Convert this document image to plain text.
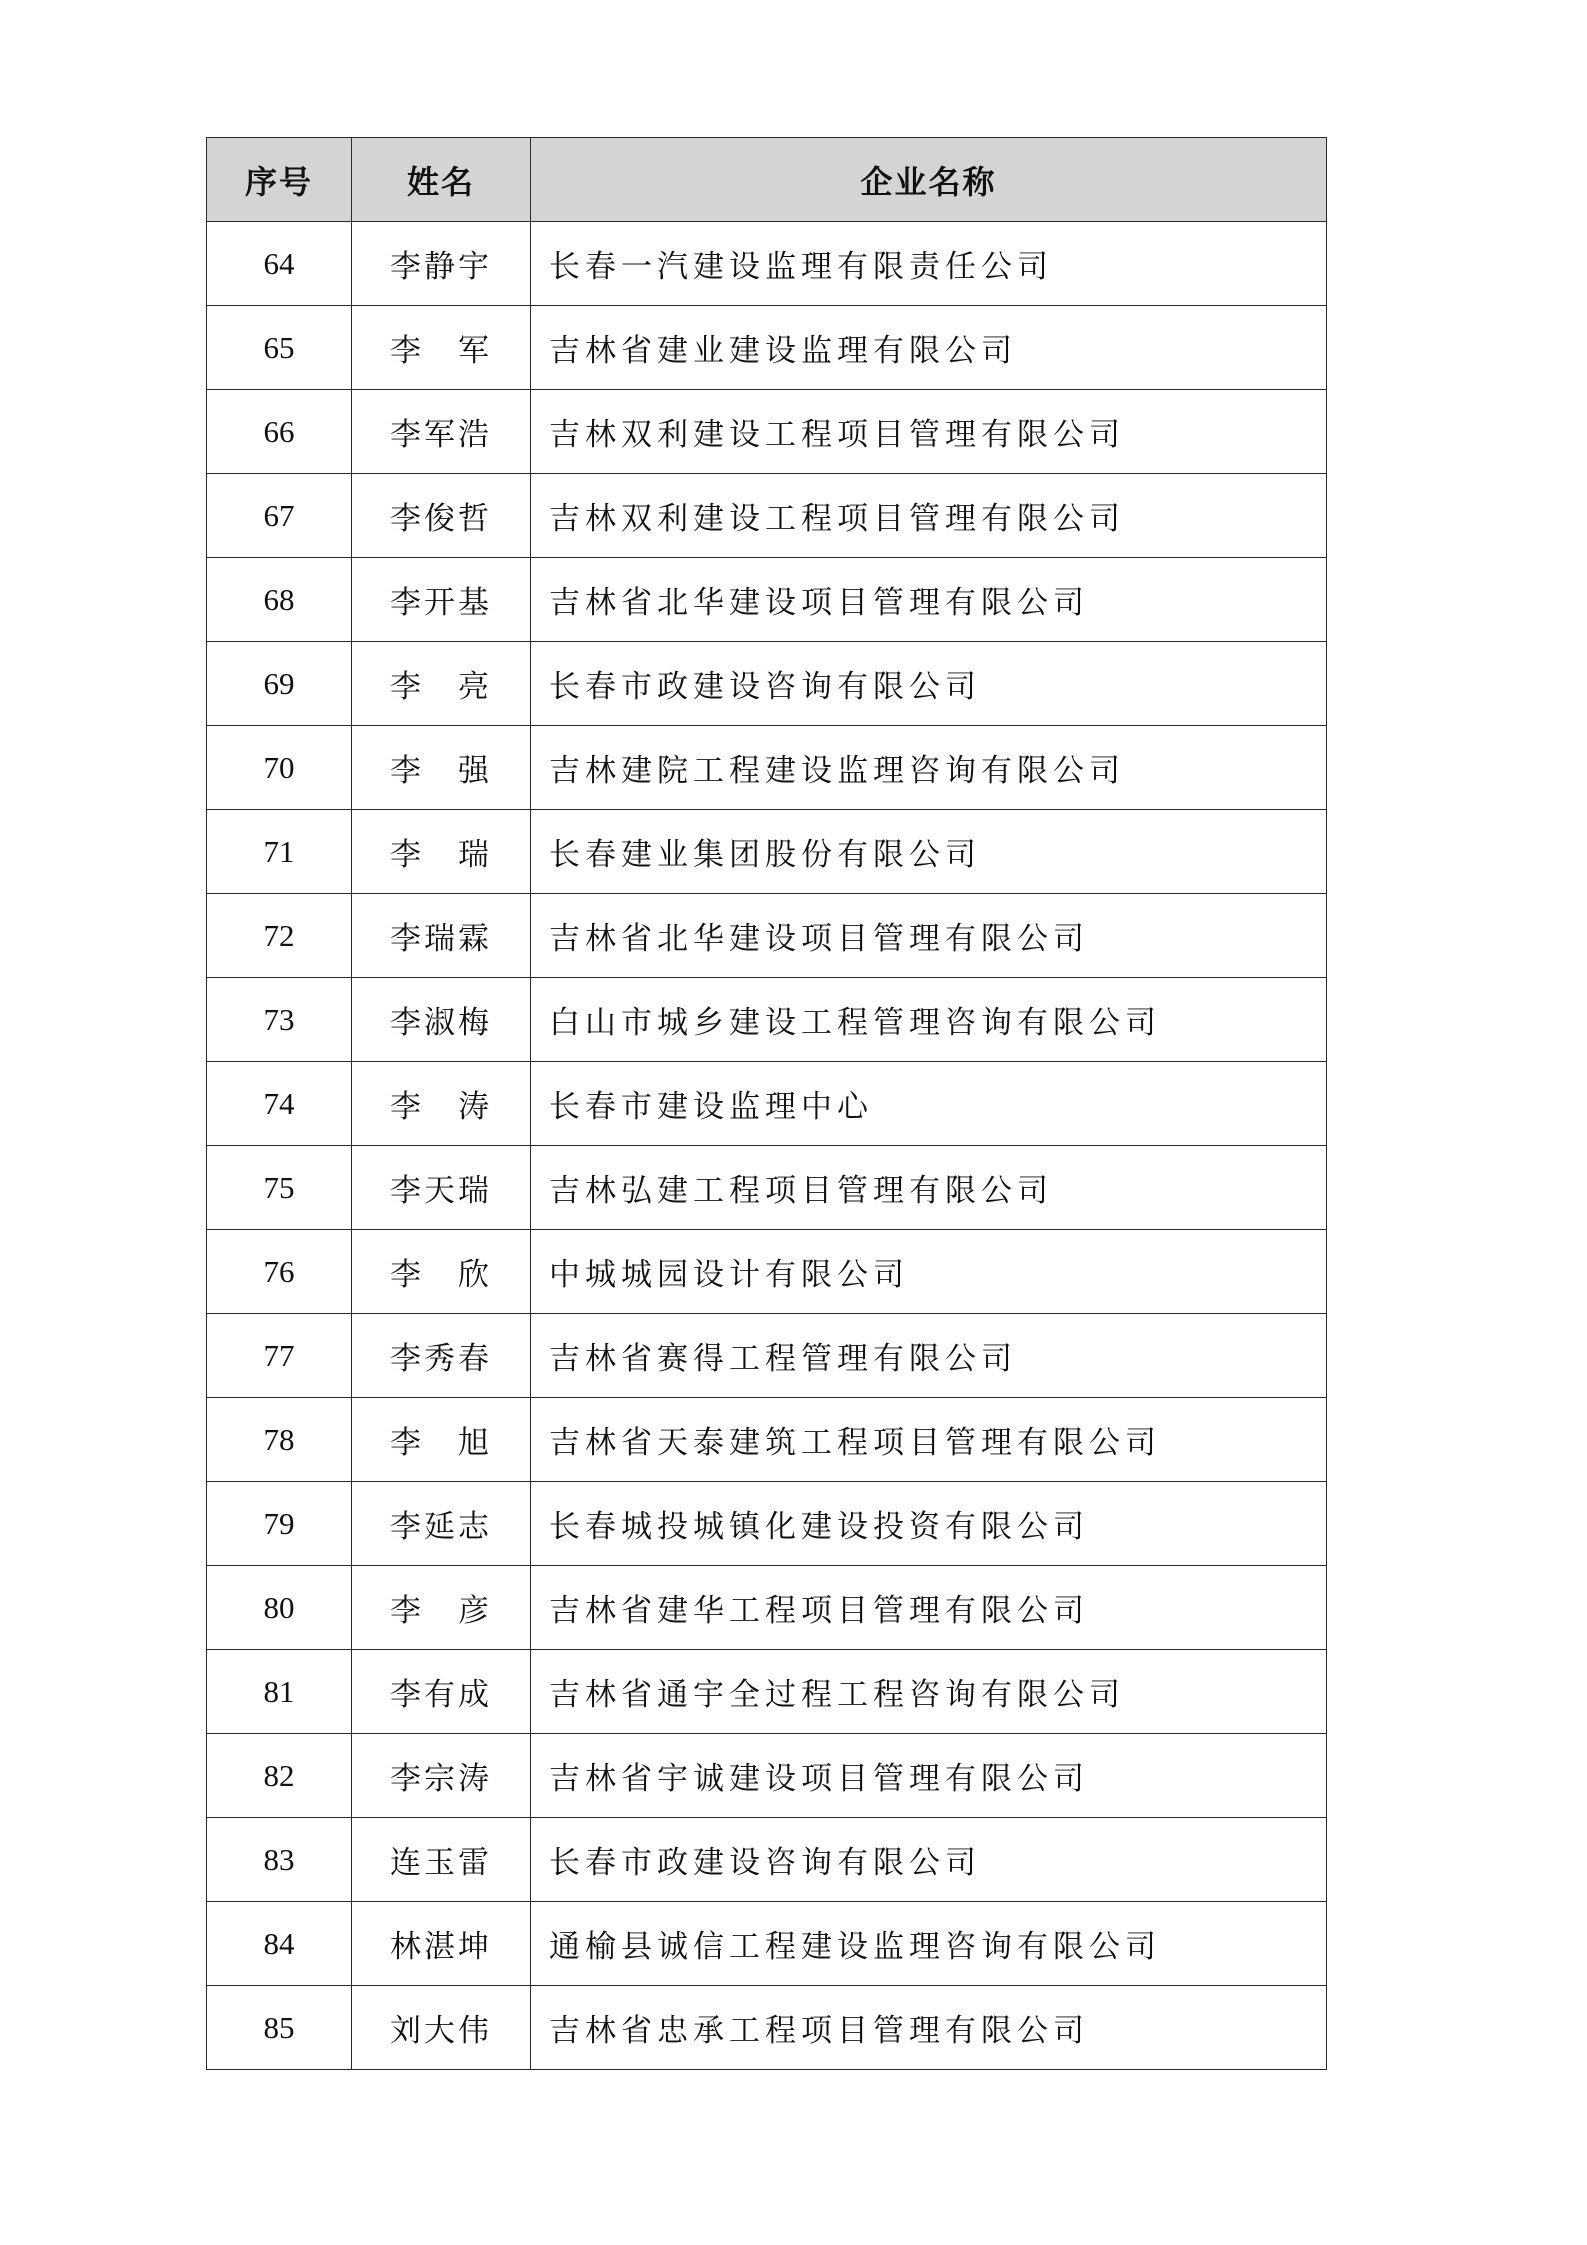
序号	姓名	企业名称
64	李静宇	长春一汽建设监理有限责任公司
65	李　军	吉林省建业建设监理有限公司
66	李军浩	吉林双利建设工程项目管理有限公司
67	李俊哲	吉林双利建设工程项目管理有限公司
68	李开基	吉林省北华建设项目管理有限公司
69	李　亮	长春市政建设咨询有限公司
70	李　强	吉林建院工程建设监理咨询有限公司
71	李　瑞	长春建业集团股份有限公司
72	李瑞霖	吉林省北华建设项目管理有限公司
73	李淑梅	白山市城乡建设工程管理咨询有限公司
74	李　涛	长春市建设监理中心
75	李天瑞	吉林弘建工程项目管理有限公司
76	李　欣	中城城园设计有限公司
77	李秀春	吉林省赛得工程管理有限公司
78	李　旭	吉林省天泰建筑工程项目管理有限公司
79	李延志	长春城投城镇化建设投资有限公司
80	李　彦	吉林省建华工程项目管理有限公司
81	李有成	吉林省通宇全过程工程咨询有限公司
82	李宗涛	吉林省宇诚建设项目管理有限公司
83	连玉雷	长春市政建设咨询有限公司
84	林湛坤	通榆县诚信工程建设监理咨询有限公司
85	刘大伟	吉林省忠承工程项目管理有限公司
